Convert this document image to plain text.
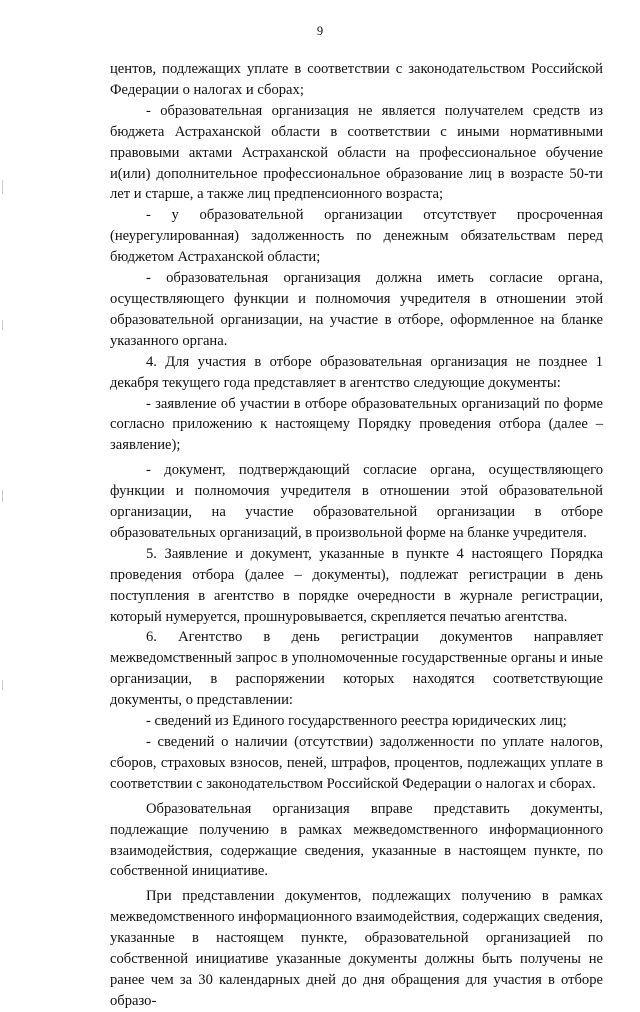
9

центов, подлежащих уплате в соответствии с законодательством Российской Федерации о налогах и сборах;

- образовательная организация не является получателем средств из бюджета Астраханской области в соответствии с иными нормативными правовыми актами Астраханской области на профессиональное обучение и(или) дополнительное профессиональное образование лиц в возрасте 50-ти лет и старше, а также лиц предпенсионного возраста;

- у образовательной организации отсутствует просроченная (неурегулированная) задолженность по денежным обязательствам перед бюджетом Астраханской области;

- образовательная организация должна иметь согласие органа, осуществляющего функции и полномочия учредителя в отношении этой образовательной организации, на участие в отборе, оформленное на бланке указанного органа.

4. Для участия в отборе образовательная организация не позднее 1 декабря текущего года представляет в агентство следующие документы:

- заявление об участии в отборе образовательных организаций по форме согласно приложению к настоящему Порядку проведения отбора (далее – заявление);

- документ, подтверждающий согласие органа, осуществляющего функции и полномочия учредителя в отношении этой образовательной организации, на участие образовательной организации в отборе образовательных организаций, в произвольной форме на бланке учредителя.

5. Заявление и документ, указанные в пункте 4 настоящего Порядка проведения отбора (далее – документы), подлежат регистрации в день поступления в агентство в порядке очередности в журнале регистрации, который нумеруется, прошнуровывается, скрепляется печатью агентства.

6. Агентство в день регистрации документов направляет межведомственный запрос в уполномоченные государственные органы и иные организации, в распоряжении которых находятся соответствующие документы, о представлении:

- сведений из Единого государственного реестра юридических лиц;

- сведений о наличии (отсутствии) задолженности по уплате налогов, сборов, страховых взносов, пеней, штрафов, процентов, подлежащих уплате в соответствии с законодательством Российской Федерации о налогах и сборах.

Образовательная организация вправе представить документы, подлежащие получению в рамках межведомственного информационного взаимодействия, содержащие сведения, указанные в настоящем пункте, по собственной инициативе.

При представлении документов, подлежащих получению в рамках межведомственного информационного взаимодействия, содержащих сведения, указанные в настоящем пункте, образовательной организацией по собственной инициативе указанные документы должны быть получены не ранее чем за 30 календарных дней до дня обращения для участия в отборе образо-
